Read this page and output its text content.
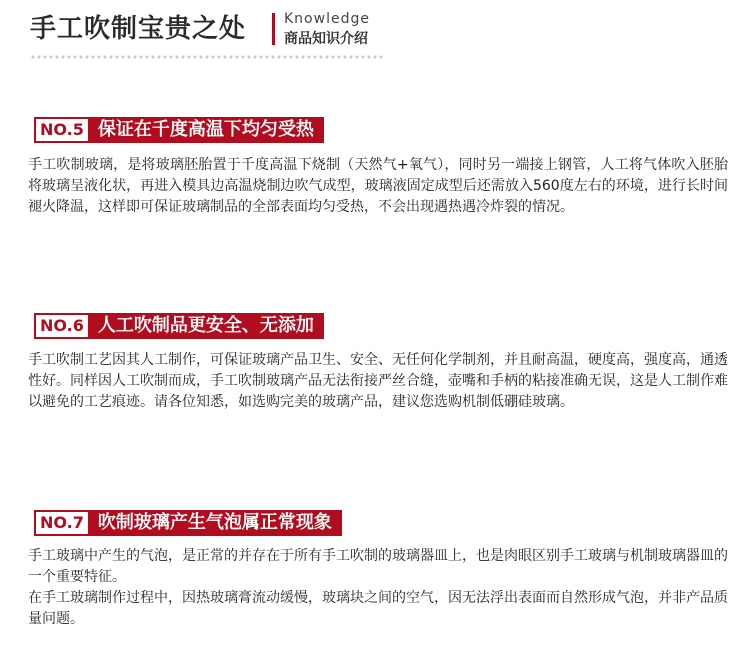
手工吹制宝贵之处	Knowledge
商品知识介绍
NO.5 保证在千度高温下均匀受热

手工吹制玻璃，是将玻璃胚胎置于千度高温下烧制（天然气+氧气），同时另一端接上钢管，人工将气体吹入胚胎将玻璃呈液化状，再进入模具边高温烧制边吹气成型，玻璃液固定成型后还需放入560度左右的环境，进行长时间褪火降温，这样即可保证玻璃制品的全部表面均匀受热，不会出现遇热遇冷炸裂的情况。

NO.6 人工吹制品更安全、无添加

手工吹制工艺因其人工制作，可保证玻璃产品卫生、安全、无任何化学制剂，并且耐高温，硬度高，强度高，通透性好。同样因人工吹制而成，手工吹制玻璃产品无法衔接严丝合缝，壶嘴和手柄的粘接准确无误，这是人工制作难以避免的工艺痕迹。请各位知悉，如选购完美的玻璃产品，建议您选购机制低硼硅玻璃。

NO.7 吹制玻璃产生气泡属正常现象

手工玻璃中产生的气泡，是正常的并存在于所有手工吹制的玻璃器皿上，也是肉眼区别手工玻璃与机制玻璃器皿的一个重要特征。

在手工玻璃制作过程中，因热玻璃膏流动缓慢，玻璃块之间的空气，因无法浮出表面而自然形成气泡，并非产品质量问题。
